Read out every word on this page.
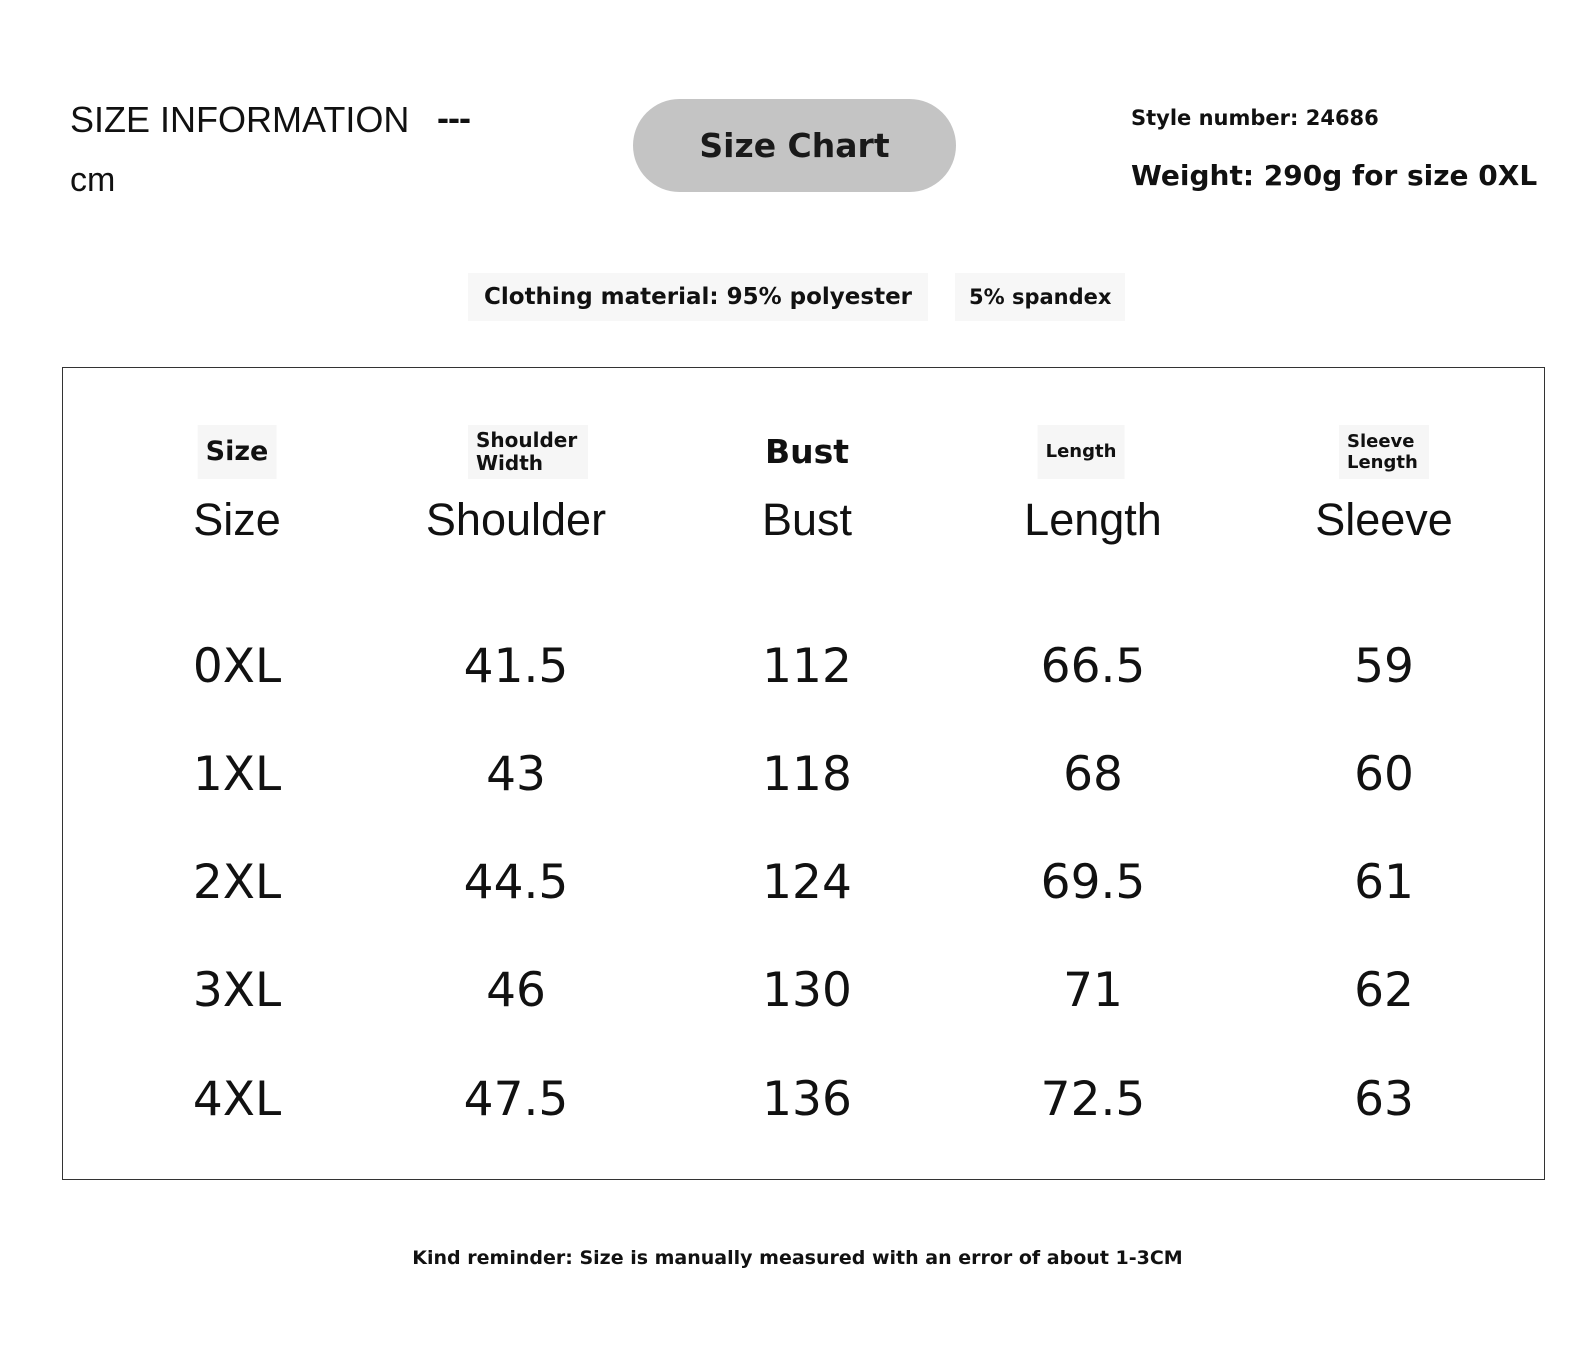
SIZE INFORMATION ---
cm
Size Chart
Style number: 24686
Weight: 290g for size 0XL
Clothing material: 95% polyester	5% spandex
Size
Size
0XL
1XL
2XL
3XL
4XL
Shoulder Width
Shoulder
41.5
43
44.5
46
47.5
Bust
Bust
112
118
124
130
136
Length
Length
66.5
68
69.5
71
72.5
Sleeve Length
Sleeve
59
60
61
62
63
Kind reminder: Size is manually measured with an error of about 1-3CM
